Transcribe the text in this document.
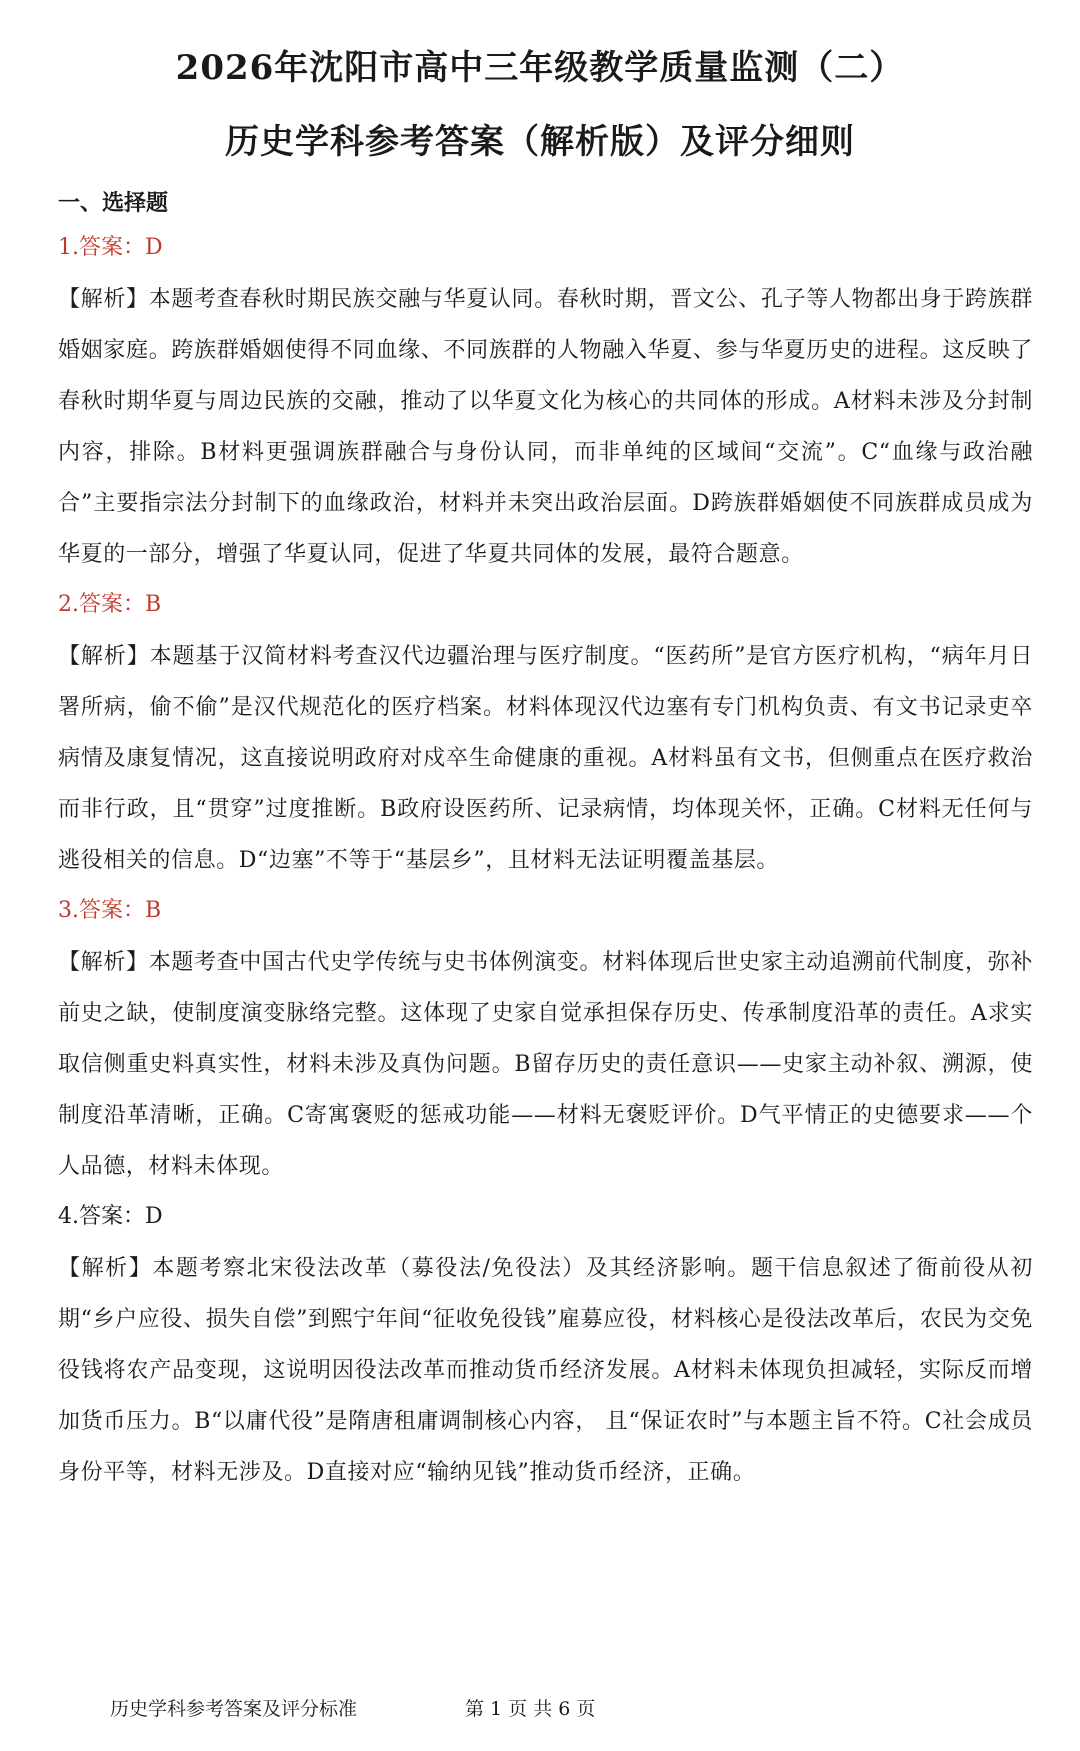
2026年沈阳市高中三年级教学质量监测（二）
历史学科参考答案（解析版）及评分细则
一、选择题
1.答案：D
【解析】本题考查春秋时期民族交融与华夏认同。春秋时期，晋文公、孔子等人物都出身于跨族群婚姻家庭。跨族群婚姻使得不同血缘、不同族群的人物融入华夏、参与华夏历史的进程。这反映了春秋时期华夏与周边民族的交融，推动了以华夏文化为核心的共同体的形成。A材料未涉及分封制内容，排除。B材料更强调族群融合与身份认同，而非单纯的区域间“交流”。C“血缘与政治融合”主要指宗法分封制下的血缘政治，材料并未突出政治层面。D跨族群婚姻使不同族群成员成为华夏的一部分，增强了华夏认同，促进了华夏共同体的发展，最符合题意。
2.答案：B
【解析】本题基于汉简材料考查汉代边疆治理与医疗制度。“医药所”是官方医疗机构，“病年月日署所病，偷不偷”是汉代规范化的医疗档案。材料体现汉代边塞有专门机构负责、有文书记录吏卒病情及康复情况，这直接说明政府对戍卒生命健康的重视。A材料虽有文书，但侧重点在医疗救治而非行政，且“贯穿”过度推断。B政府设医药所、记录病情，均体现关怀，正确。C材料无任何与逃役相关的信息。D“边塞”不等于“基层乡”，且材料无法证明覆盖基层。
3.答案：B
【解析】本题考查中国古代史学传统与史书体例演变。材料体现后世史家主动追溯前代制度，弥补前史之缺，使制度演变脉络完整。这体现了史家自觉承担保存历史、传承制度沿革的责任。A求实取信侧重史料真实性，材料未涉及真伪问题。B留存历史的责任意识——史家主动补叙、溯源，使制度沿革清晰，正确。C寄寓褒贬的惩戒功能——材料无褒贬评价。D气平情正的史德要求——个人品德，材料未体现。
4.答案：D
【解析】本题考察北宋役法改革（募役法/免役法）及其经济影响。题干信息叙述了衙前役从初期“乡户应役、损失自偿”到熙宁年间“征收免役钱”雇募应役，材料核心是役法改革后，农民为交免役钱将农产品变现，这说明因役法改革而推动货币经济发展。A材料未体现负担减轻，实际反而增加货币压力。B“以庸代役”是隋唐租庸调制核心内容， 且“保证农时”与本题主旨不符。C社会成员身份平等，材料无涉及。D直接对应“输纳见钱”推动货币经济，正确。
历史学科参考答案及评分标准	第 1 页 共 6 页
